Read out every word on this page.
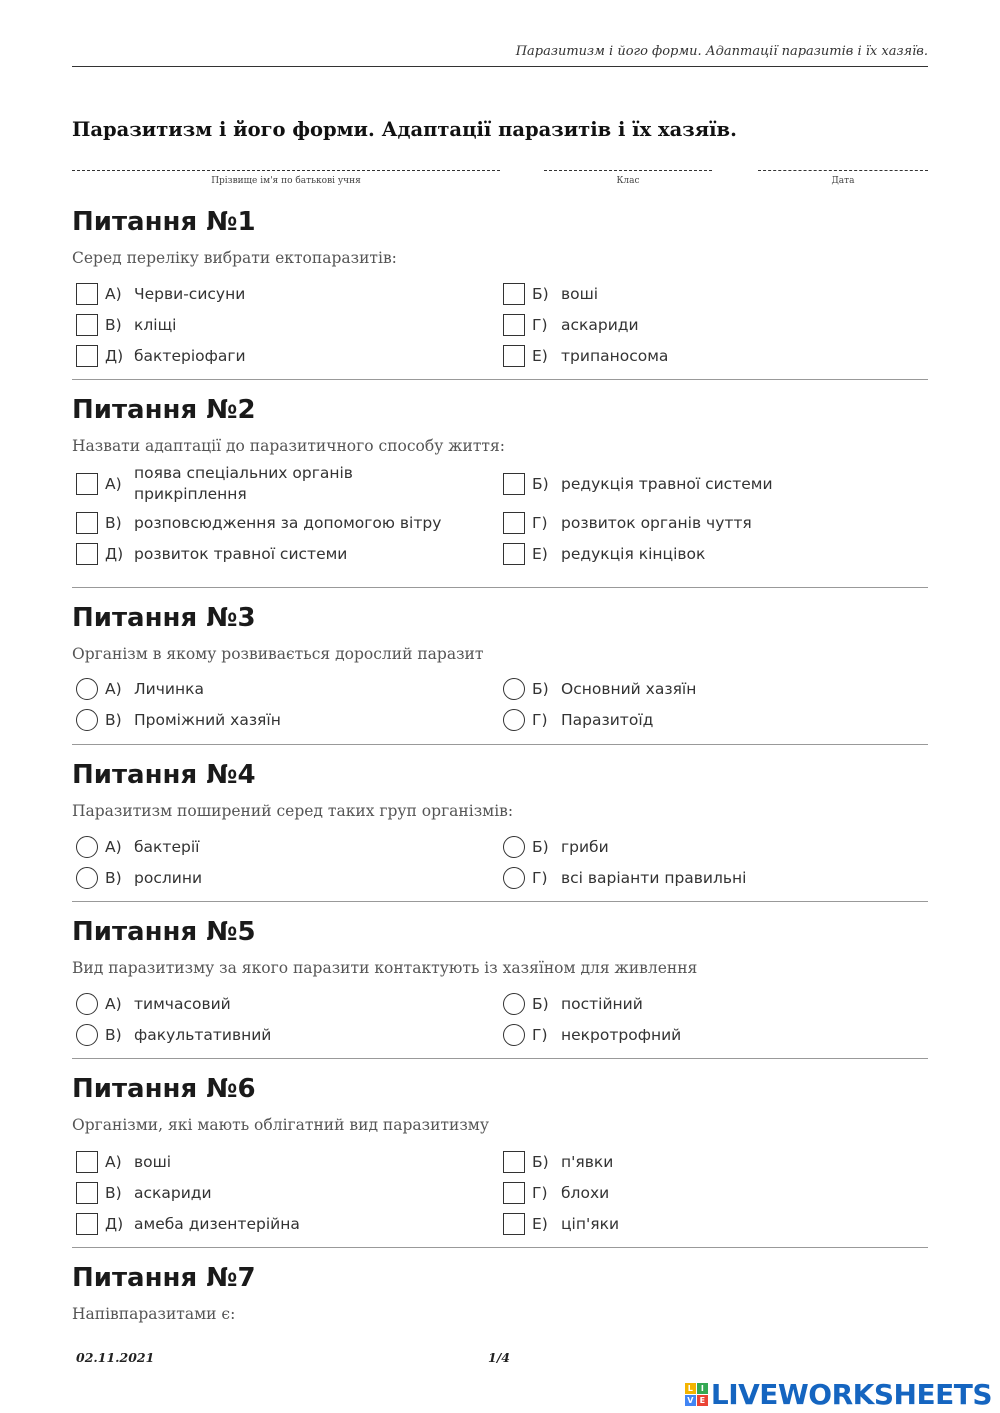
Паразитизм і його форми. Адаптації паразитів і їх хазяїв.
Паразитизм і його форми. Адаптації паразитів і їх хазяїв.
Прізвище ім'я по батькові учня	Клас	Дата
Питання №1
Серед переліку вибрати ектопаразитів:
Питання №2
Назвати адаптації до паразитичного способу життя:
Питання №3
Організм в якому розвивається дорослий паразит
Питання №4
Паразитизм поширений серед таких груп організмів:
Питання №5
Вид паразитизму за якого паразити контактують із хазяїном для живлення
Питання №6
Організми, які мають облігатний вид паразитизму
Питання №7
Напівпаразитами є:
02.11.2021	1/4
L I
V E LIVE WORKSHEETS
А) Черви-сисуни	Б) воші
В) кліщі	Г) аскариди
Д) бактеріофаги	Е) трипаносома
А)
поява спеціальних органів прикріплення
Б) редукція травної системи
В) розповсюдження за допомогою вітру	Г) розвиток органів чуття
Д) розвиток травної системи	Е) редукція кінцівок
А) Личинка	Б) Основний хазяїн
В) Проміжний хазяїн	Г) Паразитоїд
А) бактерії	Б) гриби
В) рослини	Г) всі варіанти правильні
А) тимчасовий	Б) постійний
В) факультативний	Г) некротрофний
А) воші	Б) п'явки
В) аскариди	Г) блохи
Д) амеба дизентерійна	Е) ціп'яки
